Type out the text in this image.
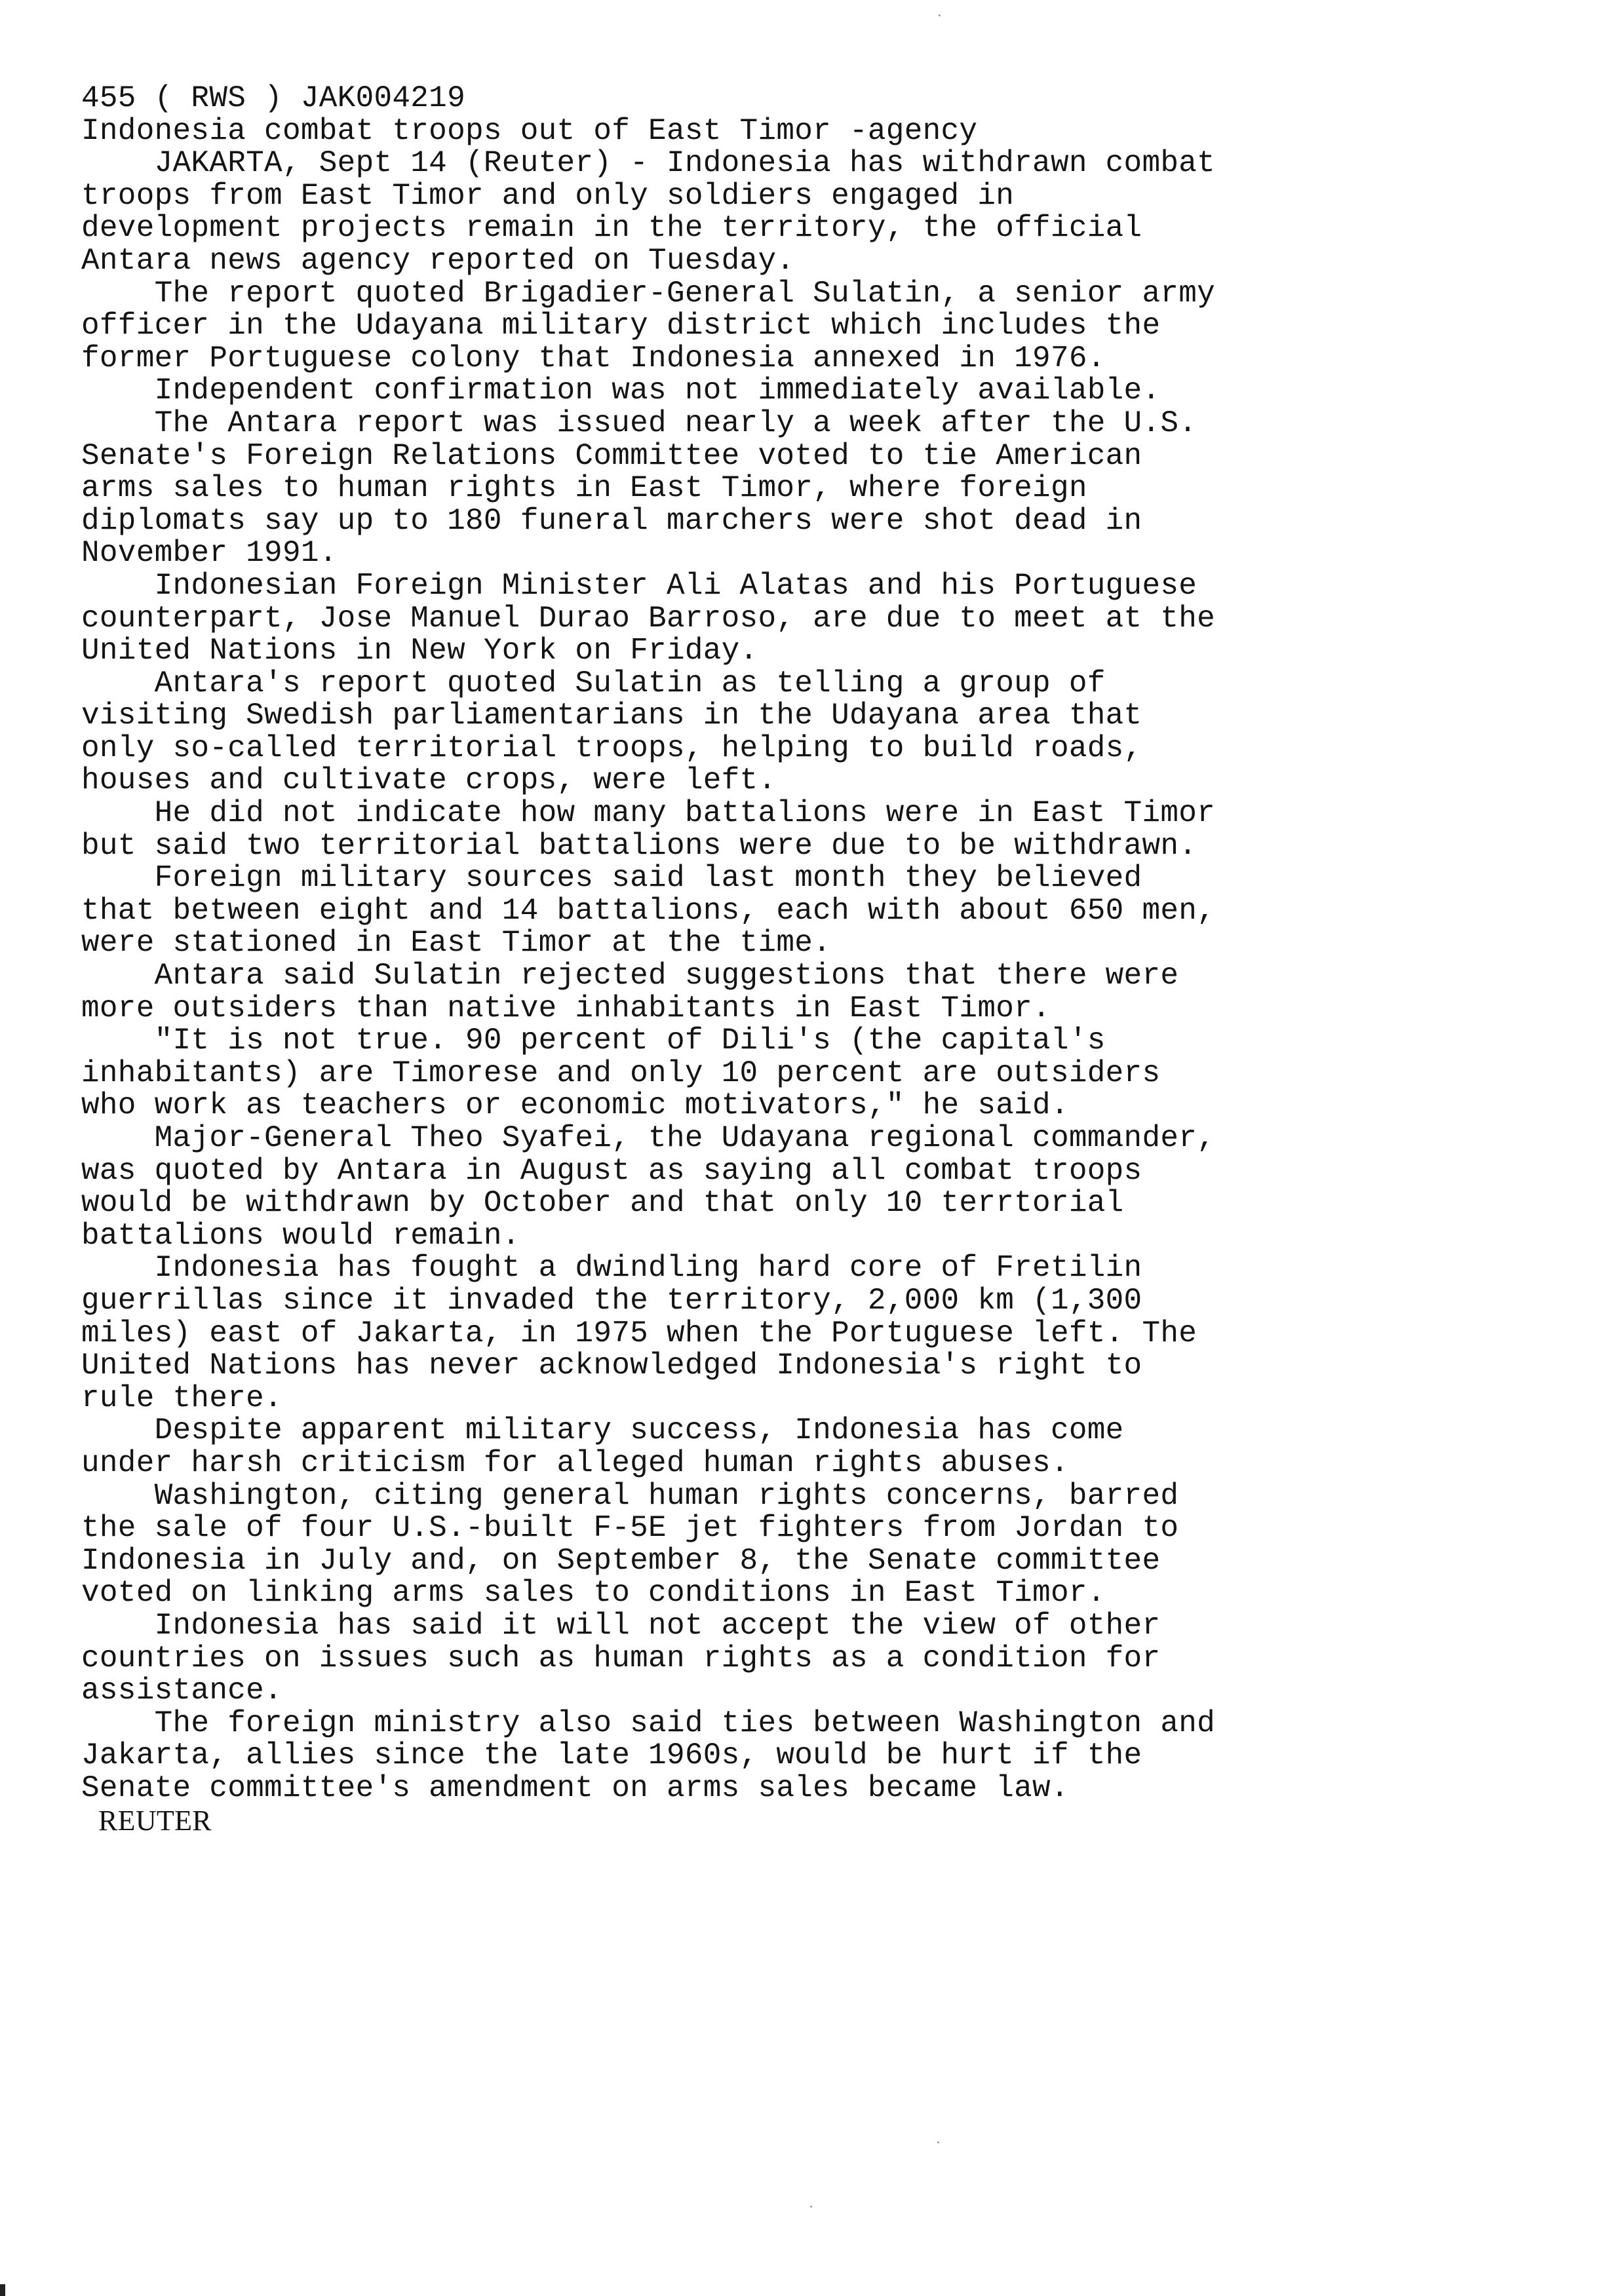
455 ( RWS ) JAK004219
Indonesia combat troops out of East Timor -agency
JAKARTA, Sept 14 (Reuter) - Indonesia has withdrawn combat
troops from East Timor and only soldiers engaged in
development projects remain in the territory, the official
Antara news agency reported on Tuesday.
The report quoted Brigadier-General Sulatin, a senior army
officer in the Udayana military district which includes the
former Portuguese colony that Indonesia annexed in 1976.
Independent confirmation was not immediately available.
The Antara report was issued nearly a week after the U.S.
Senate's Foreign Relations Committee voted to tie American
arms sales to human rights in East Timor, where foreign
diplomats say up to 180 funeral marchers were shot dead in
November 1991.
Indonesian Foreign Minister Ali Alatas and his Portuguese
counterpart, Jose Manuel Durao Barroso, are due to meet at the
United Nations in New York on Friday.
Antara's report quoted Sulatin as telling a group of
visiting Swedish parliamentarians in the Udayana area that
only so-called territorial troops, helping to build roads,
houses and cultivate crops, were left.
He did not indicate how many battalions were in East Timor
but said two territorial battalions were due to be withdrawn.
Foreign military sources said last month they believed
that between eight and 14 battalions, each with about 650 men,
were stationed in East Timor at the time.
Antara said Sulatin rejected suggestions that there were
more outsiders than native inhabitants in East Timor.
"It is not true. 90 percent of Dili's (the capital's
inhabitants) are Timorese and only 10 percent are outsiders
who work as teachers or economic motivators," he said.
Major-General Theo Syafei, the Udayana regional commander,
was quoted by Antara in August as saying all combat troops
would be withdrawn by October and that only 10 terrtorial
battalions would remain.
Indonesia has fought a dwindling hard core of Fretilin
guerrillas since it invaded the territory, 2,000 km (1,300
miles) east of Jakarta, in 1975 when the Portuguese left. The
United Nations has never acknowledged Indonesia's right to
rule there.
Despite apparent military success, Indonesia has come
under harsh criticism for alleged human rights abuses.
Washington, citing general human rights concerns, barred
the sale of four U.S.-built F-5E jet fighters from Jordan to
Indonesia in July and, on September 8, the Senate committee
voted on linking arms sales to conditions in East Timor.
Indonesia has said it will not accept the view of other
countries on issues such as human rights as a condition for
assistance.
The foreign ministry also said ties between Washington and
Jakarta, allies since the late 1960s, would be hurt if the
Senate committee's amendment on arms sales became law.
REUTER
